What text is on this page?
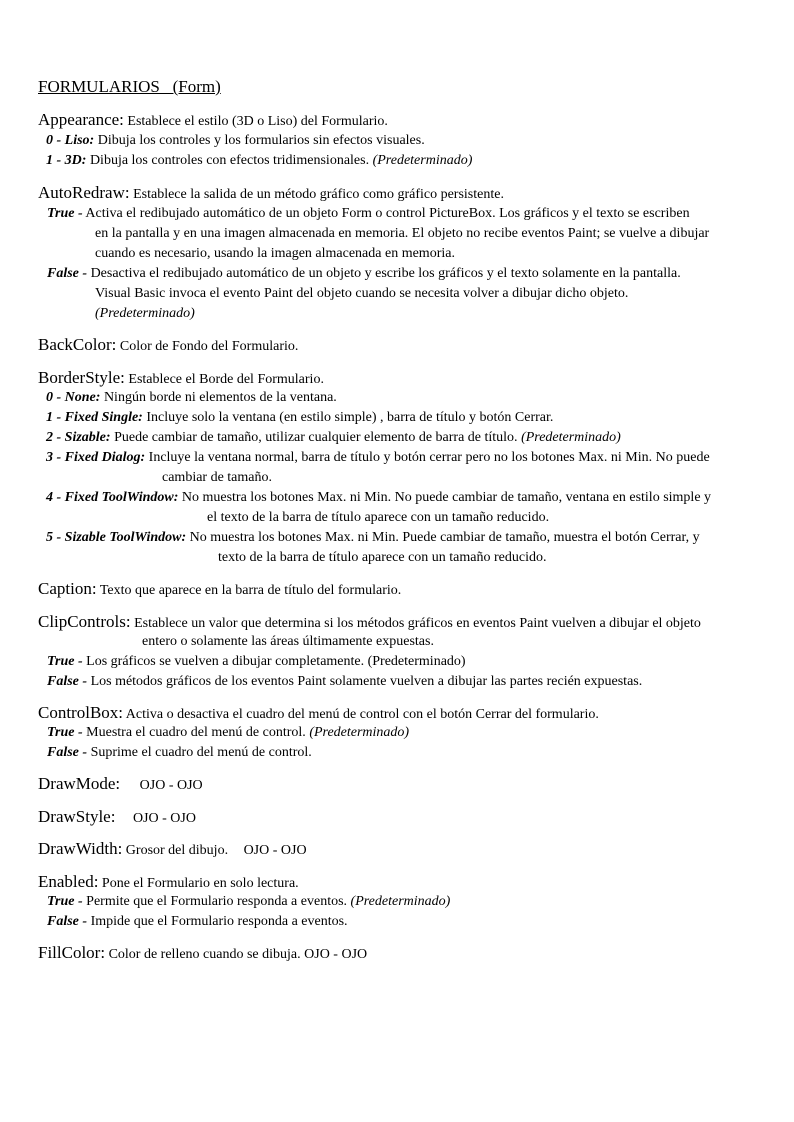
FORMULARIOS   (Form)
Appearance: Establece el estilo (3D o Liso) del Formulario.
0 - Liso: Dibuja los controles y los formularios sin efectos visuales.
1 - 3D: Dibuja los controles con efectos tridimensionales. (Predeterminado)
AutoRedraw: Establece la salida de un método gráfico como gráfico persistente.
True - Activa el redibujado automático de un objeto Form o control PictureBox. Los gráficos y el texto se escriben
en la pantalla y en una imagen almacenada en memoria. El objeto no recibe eventos Paint; se vuelve a dibujar
cuando es necesario, usando la imagen almacenada en memoria.
False - Desactiva el redibujado automático de un objeto y escribe los gráficos y el texto solamente en la pantalla.
Visual Basic invoca el evento Paint del objeto cuando se necesita volver a dibujar dicho objeto.
(Predeterminado)
BackColor: Color de Fondo del Formulario.
BorderStyle: Establece el Borde del Formulario.
0 - None: Ningún borde ni elementos de la ventana.
1 - Fixed Single: Incluye solo la ventana (en estilo simple) , barra de título y botón Cerrar.
2 - Sizable: Puede cambiar de tamaño, utilizar cualquier elemento de barra de título. (Predeterminado)
3 - Fixed Dialog: Incluye la ventana normal, barra de título y botón cerrar pero no los botones Max. ni Min. No puede
cambiar de tamaño.
4 - Fixed ToolWindow: No muestra los botones Max. ni Min. No puede cambiar de tamaño, ventana en estilo simple y
el texto de la barra de título aparece con un tamaño reducido.
5 - Sizable ToolWindow: No muestra los botones Max. ni Min. Puede cambiar de tamaño, muestra el botón Cerrar, y
texto de la barra de título aparece con un tamaño reducido.
Caption: Texto que aparece en la barra de título del formulario.
ClipControls: Establece un valor que determina si los métodos gráficos en eventos Paint vuelven a dibujar el objeto
entero o solamente las áreas últimamente expuestas.
True - Los gráficos se vuelven a dibujar completamente. (Predeterminado)
False - Los métodos gráficos de los eventos Paint solamente vuelven a dibujar las partes recién expuestas.
ControlBox: Activa o desactiva el cuadro del menú de control con el botón Cerrar del formulario.
True - Muestra el cuadro del menú de control. (Predeterminado)
False - Suprime el cuadro del menú de control.
DrawMode: OJO - OJO
DrawStyle: OJO - OJO
DrawWidth: Grosor del dibujo. OJO - OJO
Enabled: Pone el Formulario en solo lectura.
True - Permite que el Formulario responda a eventos. (Predeterminado)
False - Impide que el Formulario responda a eventos.
FillColor: Color de relleno cuando se dibuja. OJO - OJO
